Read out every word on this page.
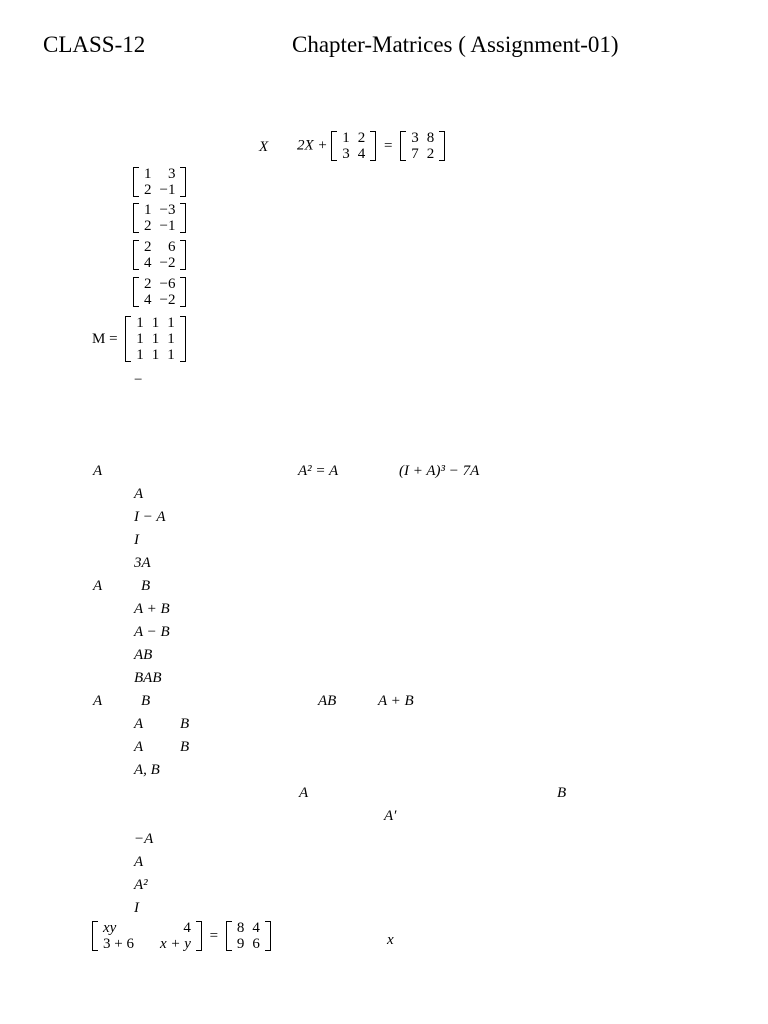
CLASS-12	Chapter-Matrices ( Assignment-01)
X 2X + 1	2
3	4
= 3	8
7	2
1	3
2	−1
1	−3
2	−1
2	6
4	−2
2	−6
4	−2
M =
1	1	1
1	1	1
1	1	1
−
A	A² = A	(I + A)³ − 7A
A
I − A
I
3A
A	B
A + B
A − B
AB
BAB
A	B	AB	A + B
A B
A B
A, B
A	B
A′
−A
A
A²
I
xy	4
3 + 6	x + y
= 8	4
9	6	x
